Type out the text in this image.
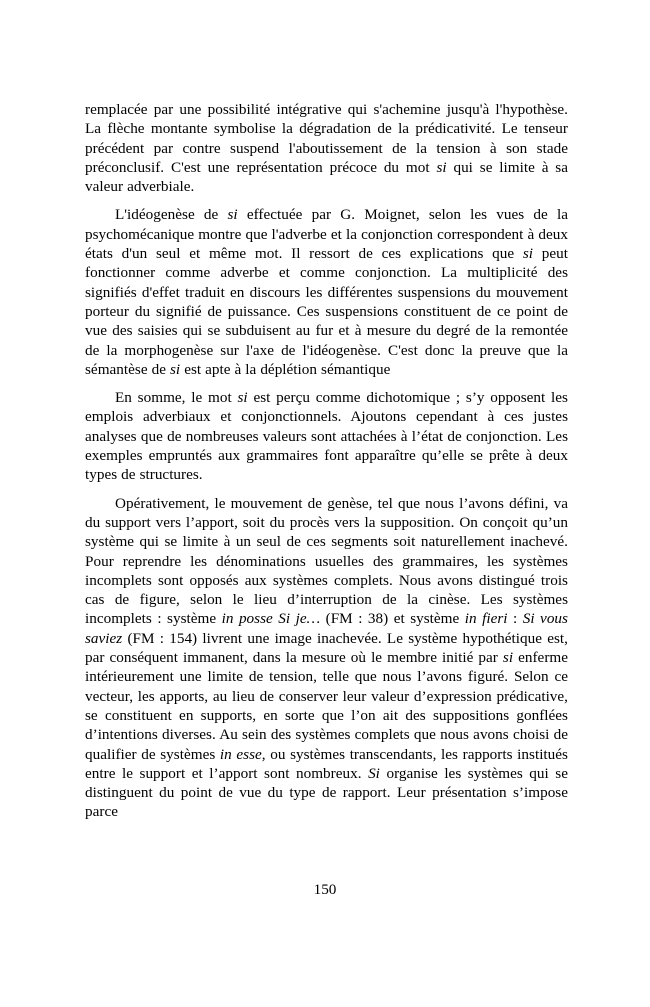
remplacée par une possibilité intégrative qui s'achemine jusqu'à l'hypothèse. La flèche montante symbolise la dégradation de la prédicativité. Le tenseur précédent par contre suspend l'aboutissement de la tension à son stade préconclusif. C'est une représentation précoce du mot si qui se limite à sa valeur adverbiale.

L'idéogenèse de si effectuée par G. Moignet, selon les vues de la psychomécanique montre que l'adverbe et la conjonction correspondent à deux états d'un seul et même mot. Il ressort de ces explications que si peut fonctionner comme adverbe et comme conjonction. La multiplicité des signifiés d'effet traduit en discours les différentes suspensions du mouvement porteur du signifié de puissance. Ces suspensions constituent de ce point de vue des saisies qui se subduisent au fur et à mesure du degré de la remontée de la morphogenèse sur l'axe de l'idéogenèse. C'est donc la preuve que la sémantèse de si est apte à la déplétion sémantique

En somme, le mot si est perçu comme dichotomique ; s’y opposent les emplois adverbiaux et conjonctionnels. Ajoutons cependant à ces justes analyses que de nombreuses valeurs sont attachées à l’état de conjonction. Les exemples empruntés aux grammaires font apparaître qu’elle se prête à deux types de structures.

Opérativement, le mouvement de genèse, tel que nous l’avons défini, va du support vers l’apport, soit du procès vers la supposition. On conçoit qu’un système qui se limite à un seul de ces segments soit naturellement inachevé. Pour reprendre les dénominations usuelles des grammaires, les systèmes incomplets sont opposés aux systèmes complets. Nous avons distingué trois cas de figure, selon le lieu d’interruption de la cinèse. Les systèmes incomplets : système in posse Si je… (FM : 38) et système in fieri : Si vous saviez (FM : 154) livrent une image inachevée. Le système hypothétique est, par conséquent immanent, dans la mesure où le membre initié par si enferme intérieurement une limite de tension, telle que nous l’avons figuré. Selon ce vecteur, les apports, au lieu de conserver leur valeur d’expression prédicative, se constituent en supports, en sorte que l’on ait des suppositions gonflées d’intentions diverses. Au sein des systèmes complets que nous avons choisi de qualifier de systèmes in esse, ou systèmes transcendants, les rapports institués entre le support et l’apport sont nombreux. Si organise les systèmes qui se distinguent du point de vue du type de rapport. Leur présentation s’impose parce

150
